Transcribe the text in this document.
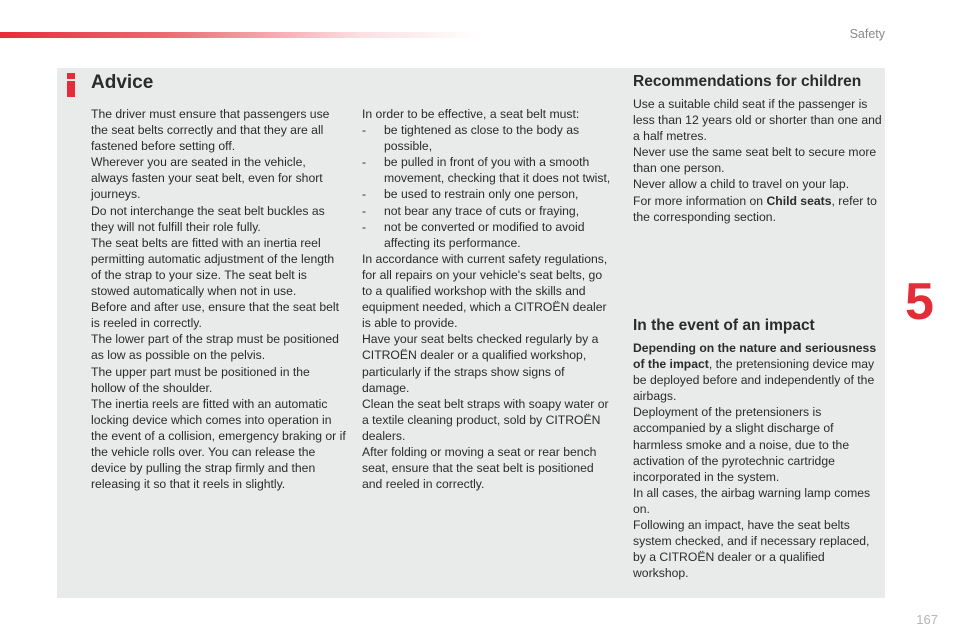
Safety
Advice

The driver must ensure that passengers use the seat belts correctly and that they are all fastened before setting off.

Wherever you are seated in the vehicle, always fasten your seat belt, even for short journeys.

Do not interchange the seat belt buckles as they will not fulfill their role fully.

The seat belts are fitted with an inertia reel permitting automatic adjustment of the length of the strap to your size. The seat belt is stowed automatically when not in use.

Before and after use, ensure that the seat belt is reeled in correctly.

The lower part of the strap must be positioned as low as possible on the pelvis.

The upper part must be positioned in the hollow of the shoulder.

The inertia reels are fitted with an automatic locking device which comes into operation in the event of a collision, emergency braking or if the vehicle rolls over. You can release the device by pulling the strap firmly and then releasing it so that it reels in slightly.

In order to be effective, a seat belt must:

-	be tightened as close to the body as possible,
-	be pulled in front of you with a smooth movement, checking that it does not twist,
-	be used to restrain only one person,
-	not bear any trace of cuts or fraying,
-	not be converted or modified to avoid affecting its performance.

In accordance with current safety regulations, for all repairs on your vehicle's seat belts, go to a qualified workshop with the skills and equipment needed, which a CITROËN dealer is able to provide.

Have your seat belts checked regularly by a CITROËN dealer or a qualified workshop, particularly if the straps show signs of damage.

Clean the seat belt straps with soapy water or a textile cleaning product, sold by CITROËN dealers.

After folding or moving a seat or rear bench seat, ensure that the seat belt is positioned and reeled in correctly.

Recommendations for children

Use a suitable child seat if the passenger is less than 12 years old or shorter than one and a half metres.

Never use the same seat belt to secure more than one person.

Never allow a child to travel on your lap.

For more information on Child seats, refer to the corresponding section.

In the event of an impact

Depending on the nature and seriousness of the impact, the pretensioning device may be deployed before and independently of the airbags.

Deployment of the pretensioners is accompanied by a slight discharge of harmless smoke and a noise, due to the activation of the pyrotechnic cartridge incorporated in the system.

In all cases, the airbag warning lamp comes on.

Following an impact, have the seat belts system checked, and if necessary replaced, by a CITROËN dealer or a qualified workshop.

5
167
